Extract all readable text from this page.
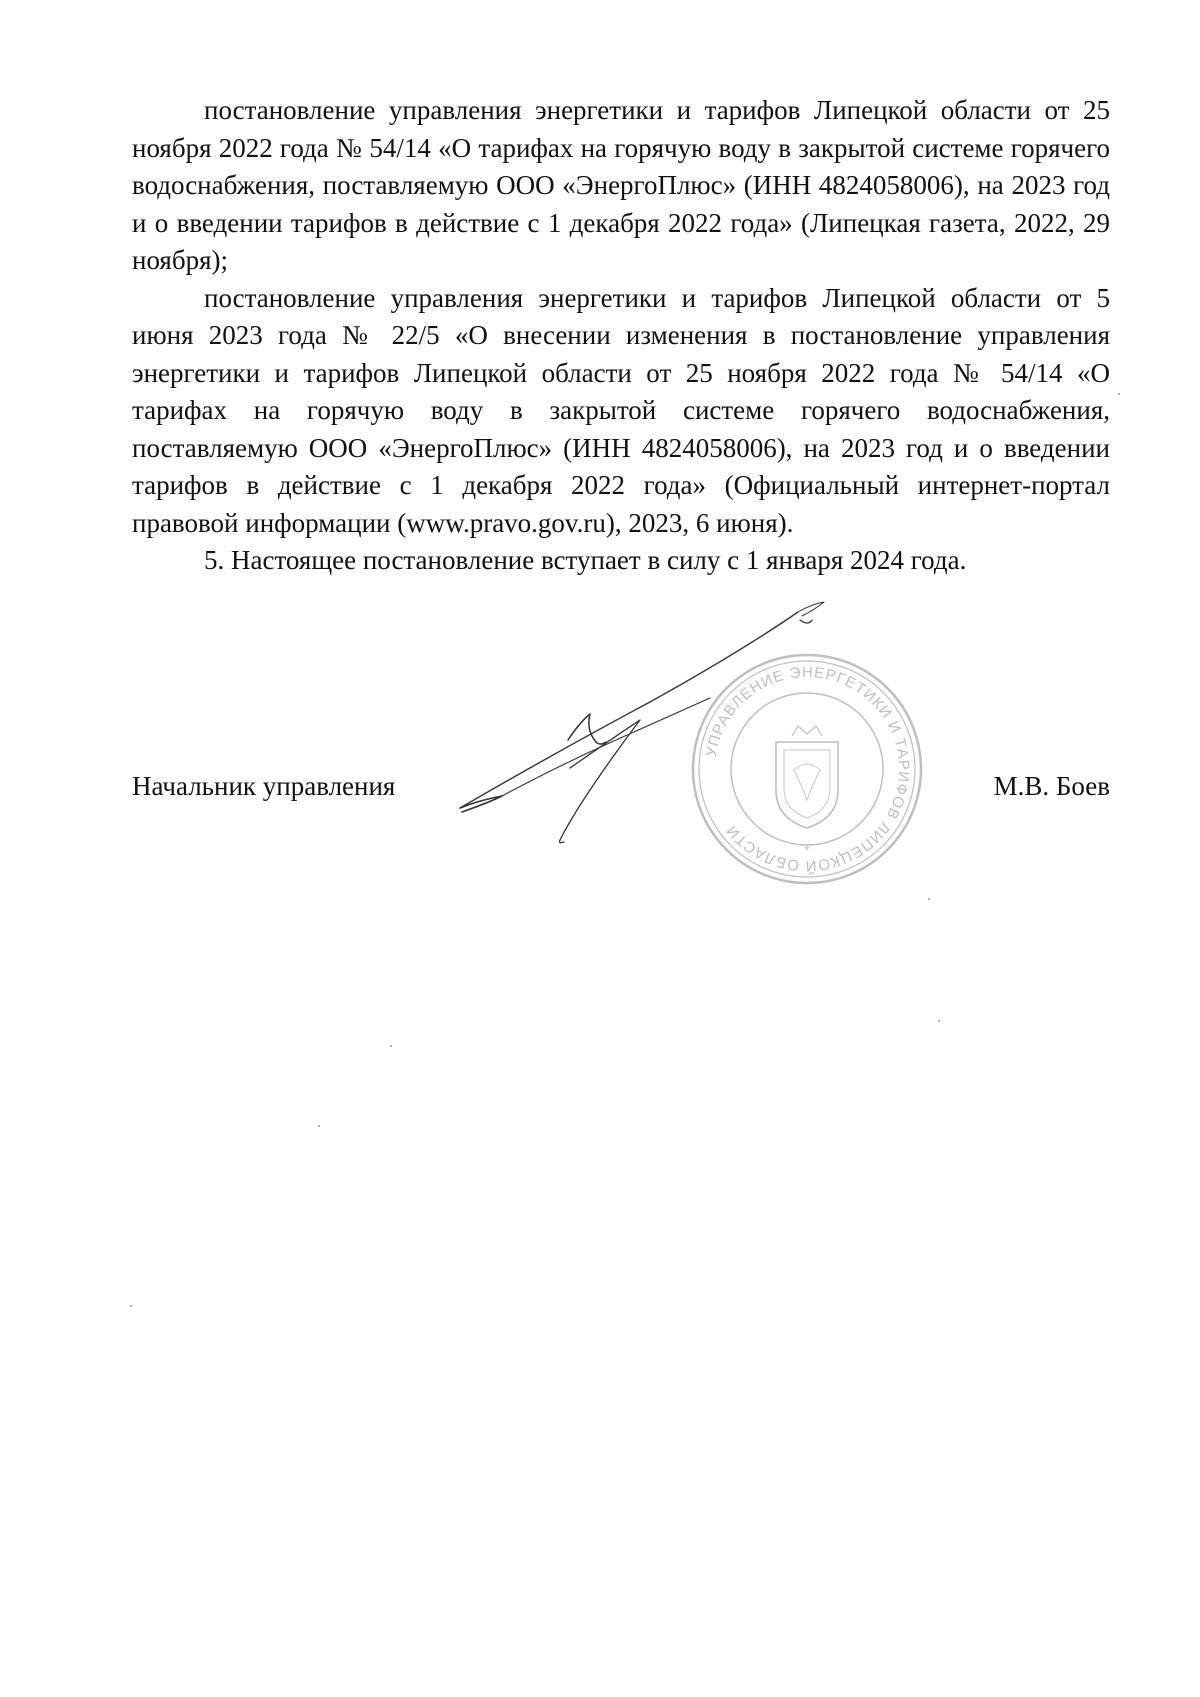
постановление управления энергетики и тарифов Липецкой области от 25 ноября 2022 года № 54/14 «О тарифах на горячую воду в закрытой системе горячего водоснабжения, поставляемую ООО «ЭнергоПлюс» (ИНН 4824058006), на 2023 год и о введении тарифов в действие с 1 декабря 2022 года» (Липецкая газета, 2022, 29 ноября);

постановление управления энергетики и тарифов Липецкой области от 5 июня 2023 года № 22/5 «О внесении изменения в постановление управления энергетики и тарифов Липецкой области от 25 ноября 2022 года № 54/14 «О тарифах на горячую воду в закрытой системе горячего водоснабжения, поставляемую ООО «ЭнергоПлюс» (ИНН 4824058006), на 2023 год и о введении тарифов в действие с 1 декабря 2022 года» (Официальный интернет-портал правовой информации (www.pravo.gov.ru), 2023, 6 июня).

5. Настоящее постановление вступает в силу с 1 января 2024 года.

УПРАВЛЕНИЕ ЭНЕРГЕТИКИ И ТАРИФОВ ЛИПЕЦКОЙ ОБЛАСТИ
*
Начальник управления	М.В. Боев
